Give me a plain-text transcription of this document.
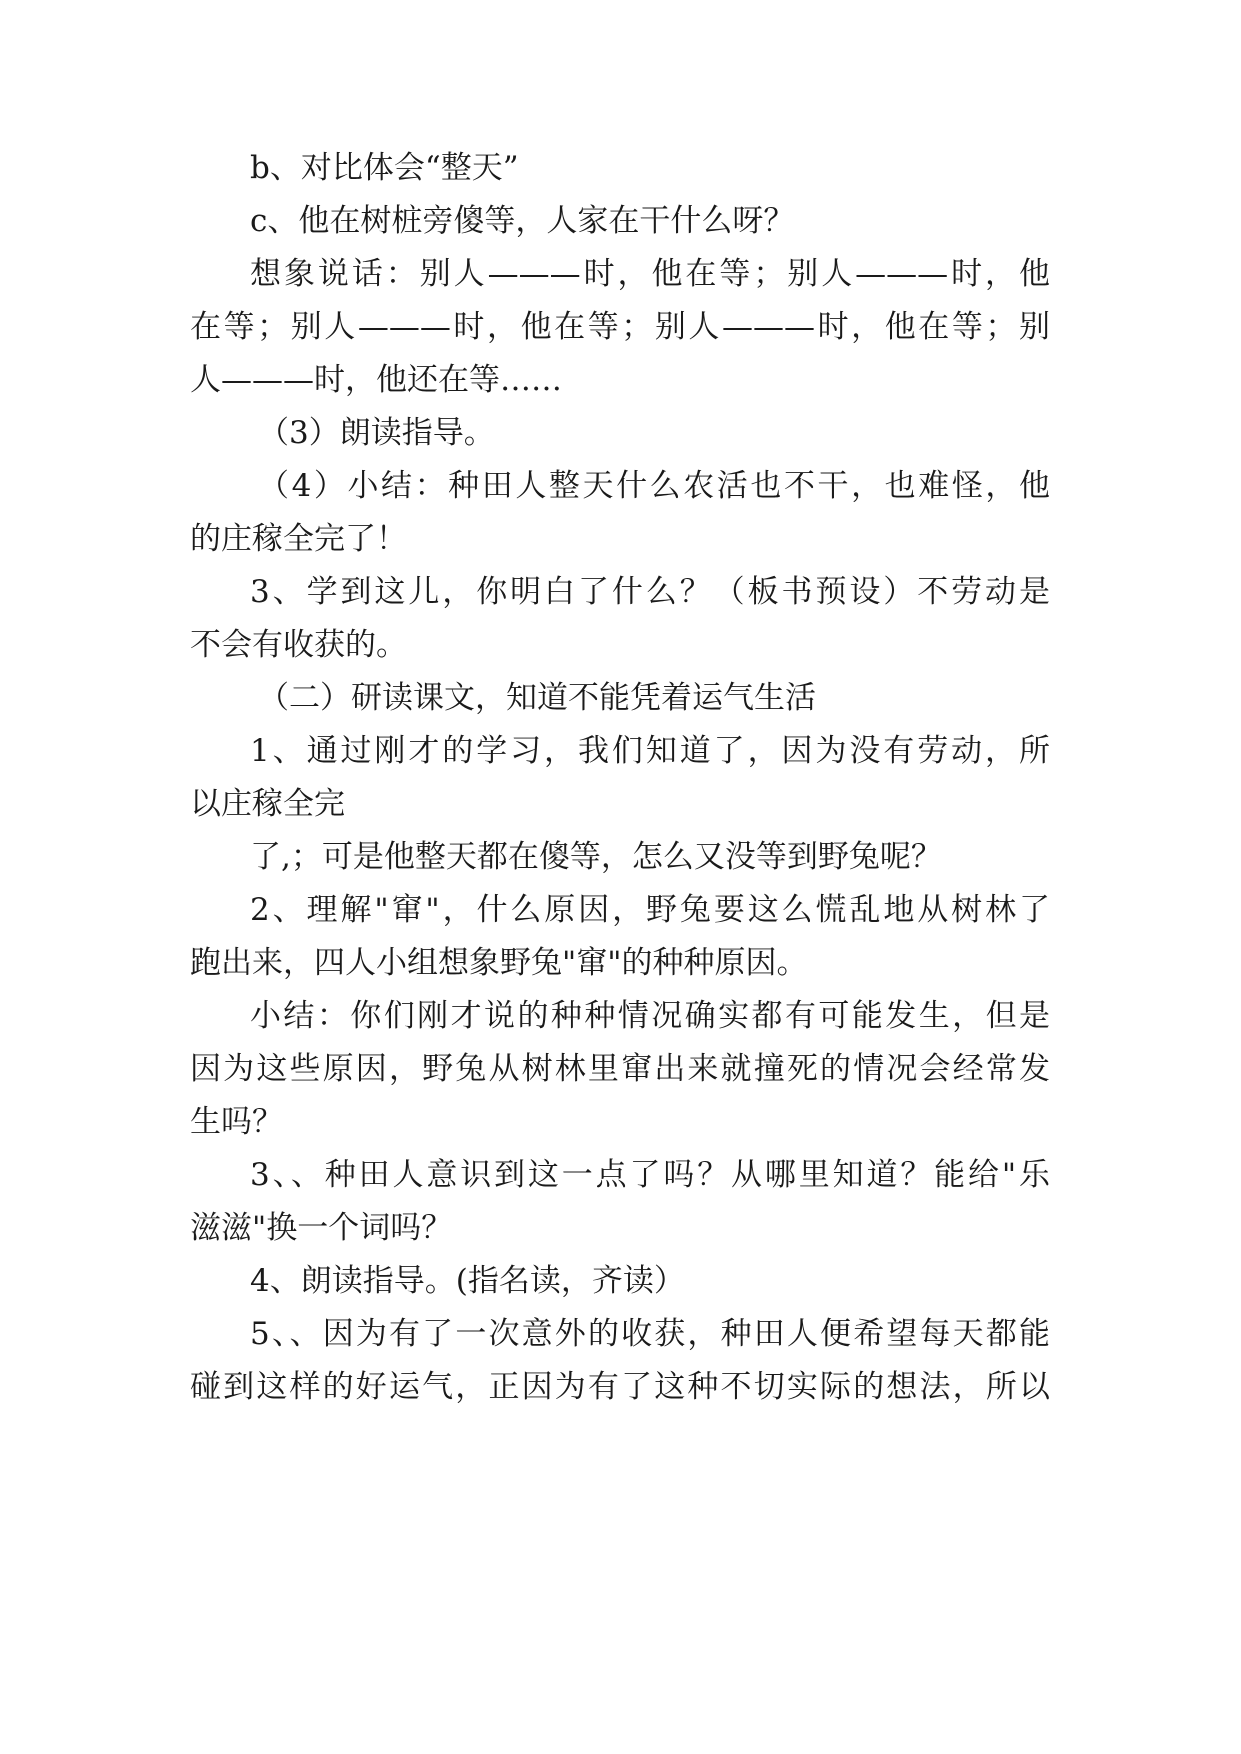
b、对比体会“整天”
c、他在树桩旁傻等，人家在干什么呀？
想象说话：别人———时，他在等；别人———时，他
在等；别人———时，他在等；别人———时，他在等；别
人———时，他还在等……
（3）朗读指导。
（4）小结：种田人整天什么农活也不干，也难怪，他
的庄稼全完了！
3、学到这儿，你明白了什么？（板书预设）不劳动是
不会有收获的。
（二）研读课文，知道不能凭着运气生活
1、通过刚才的学习，我们知道了，因为没有劳动，所
以庄稼全完
了,；可是他整天都在傻等，怎么又没等到野兔呢？
2、理解"窜"，什么原因，野兔要这么慌乱地从树林了
跑出来，四人小组想象野兔"窜"的种种原因。
小结：你们刚才说的种种情况确实都有可能发生，但是
因为这些原因，野兔从树林里窜出来就撞死的情况会经常发
生吗？
3、、种田人意识到这一点了吗？从哪里知道？能给"乐
滋滋"换一个词吗？
4、朗读指导。(指名读，齐读）
5、、因为有了一次意外的收获，种田人便希望每天都能
碰到这样的好运气，正因为有了这种不切实际的想法，所以
